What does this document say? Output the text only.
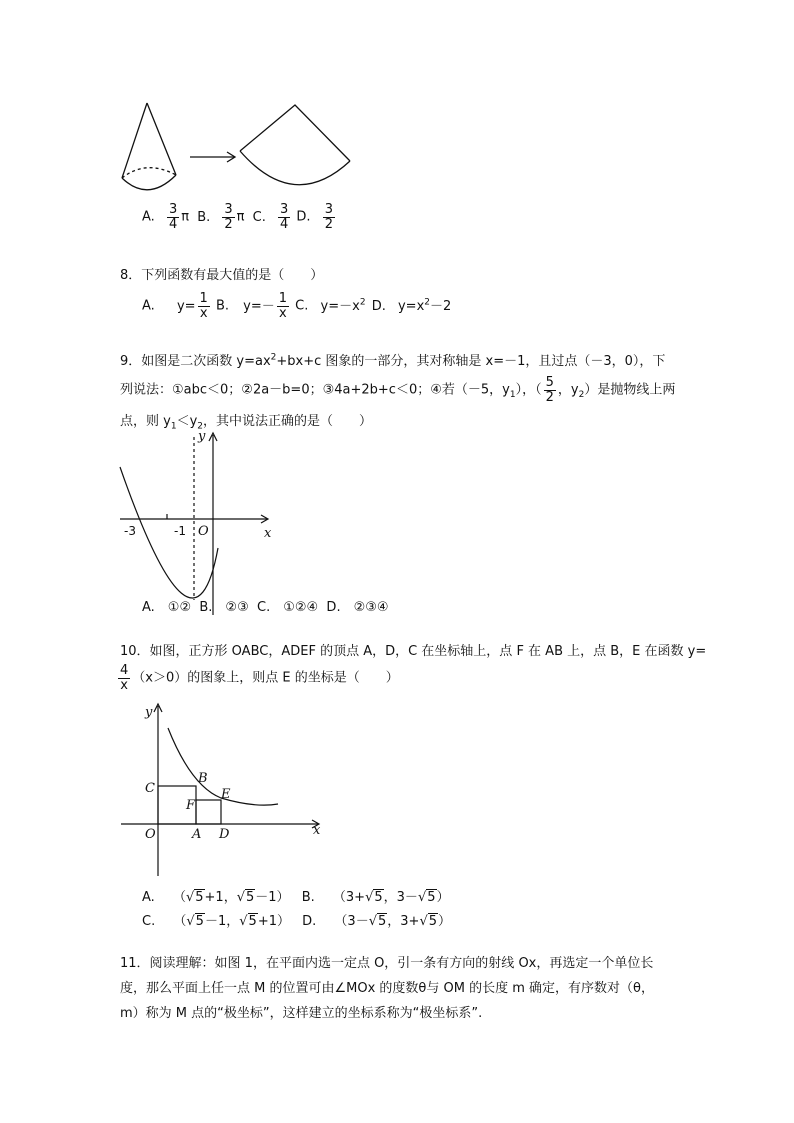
A. $\frac{3}{4}$ π B. $\frac{3}{2}$ π C. $\frac{3}{4} D$. $\frac{3}{2}$
8．下列函数有最大值的是（　　）
A. $y= \frac{1}{x} B$. $y=- \frac{1}{x} C$. $y=-x^2$ D. $y=x^2-2$
9．如图是二次函数 $y=ax^2+bx+c$ 图象的一部分，其对称轴是 x=－1，且过点（－3，0），下
列说法：①abc＜0；②2a－b=0；③4a+2b+c＜0；④若（－5，$y_1$），（ $\frac{5}{2}$ ，$y_2$）是抛物线上两
点，则 $y_1<y_2$，其中说法正确的是（　　）
y
x
-3	-1 O
A.　①②  B.　②③  C.　①②④  D.　②③④
10．如图，正方形 OABC，ADEF 的顶点 A，D，C 在坐标轴上，点 F 在 AB 上，点 B，E 在函数 y=
$\frac{4}{x} (x>0)$的图象上，则点 E 的坐标是（　　）
y
x
O	A D
C
F
B
E
A. （√5+1，√5－1） B. （3+√5，3－√5）
C. （√5－1，√5+1） D. （3－√5，3+√5）
11．阅读理解：如图 1，在平面内选一定点 O，引一条有方向的射线 Ox，再选定一个单位长
度，那么平面上任一点 M 的位置可由∠MOx 的度数θ与 OM 的长度 m 确定，有序数对（θ，
m）称为 M 点的“极坐标”，这样建立的坐标系称为“极坐标系”.
